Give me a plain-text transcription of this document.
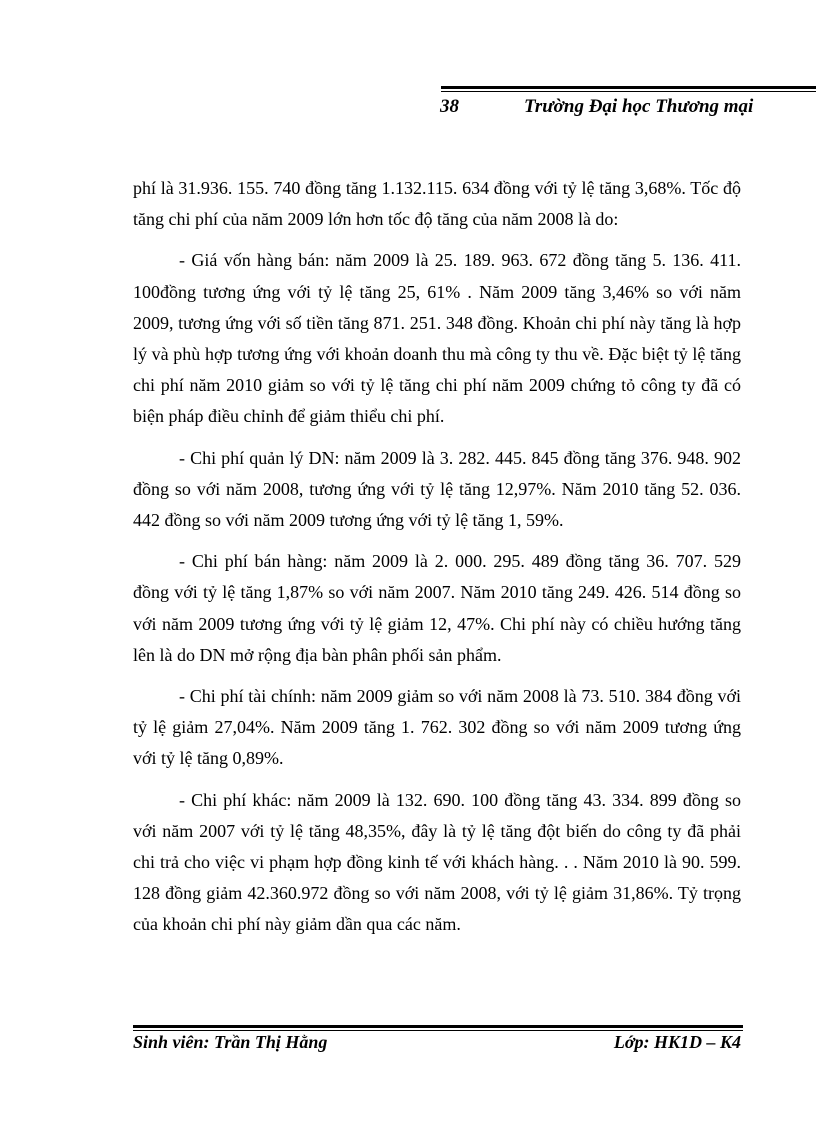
38	Trường Đại học Thương mại

phí là 31.936. 155. 740 đồng tăng 1.132.115. 634 đồng với tỷ lệ tăng 3,68%. Tốc độ tăng chi phí của năm 2009 lớn hơn tốc độ tăng của năm 2008 là do:

- Giá vốn hàng bán: năm 2009 là 25. 189. 963. 672 đồng tăng 5. 136. 411. 100đồng tương ứng với tỷ lệ tăng 25, 61% . Năm 2009 tăng 3,46% so với năm 2009, tương ứng với số tiền tăng 871. 251. 348 đồng. Khoản chi phí này tăng là hợp lý và phù hợp tương ứng với khoản doanh thu mà công ty thu về. Đặc biệt tỷ lệ tăng chi phí năm 2010 giảm so với tỷ lệ tăng chi phí năm 2009 chứng tỏ công ty đã có biện pháp điều chỉnh để giảm thiểu chi phí.

- Chi phí quản lý DN: năm 2009 là 3. 282. 445. 845 đồng tăng 376. 948. 902 đồng so với năm 2008, tương ứng với tỷ lệ tăng 12,97%. Năm 2010 tăng 52. 036. 442 đồng so với năm 2009 tương ứng với tỷ lệ tăng 1, 59%.

- Chi phí bán hàng: năm 2009 là 2. 000. 295. 489 đồng tăng 36. 707. 529 đồng với tỷ lệ tăng 1,87% so với năm 2007. Năm 2010 tăng 249. 426. 514 đồng so với năm 2009 tương ứng với tỷ lệ giảm 12, 47%. Chi phí này có chiều hướng tăng lên là do DN mở rộng địa bàn phân phối sản phẩm.

- Chi phí tài chính: năm 2009 giảm so với năm 2008 là 73. 510. 384 đồng với tỷ lệ giảm 27,04%. Năm 2009 tăng 1. 762. 302 đồng so với năm 2009 tương ứng với tỷ lệ tăng 0,89%.

- Chi phí khác: năm 2009 là 132. 690. 100 đồng tăng 43. 334. 899 đồng so với năm 2007 với tỷ lệ tăng 48,35%, đây là tỷ lệ tăng đột biến do công ty đã phải chi trả cho việc vi phạm hợp đồng kinh tế với khách hàng. . . Năm 2010 là 90. 599. 128 đồng giảm 42.360.972 đồng so với năm 2008, với tỷ lệ giảm 31,86%. Tỷ trọng của khoản chi phí này giảm dần qua các năm.

Sinh viên: Trần Thị Hằng	Lớp: HK1D – K4
